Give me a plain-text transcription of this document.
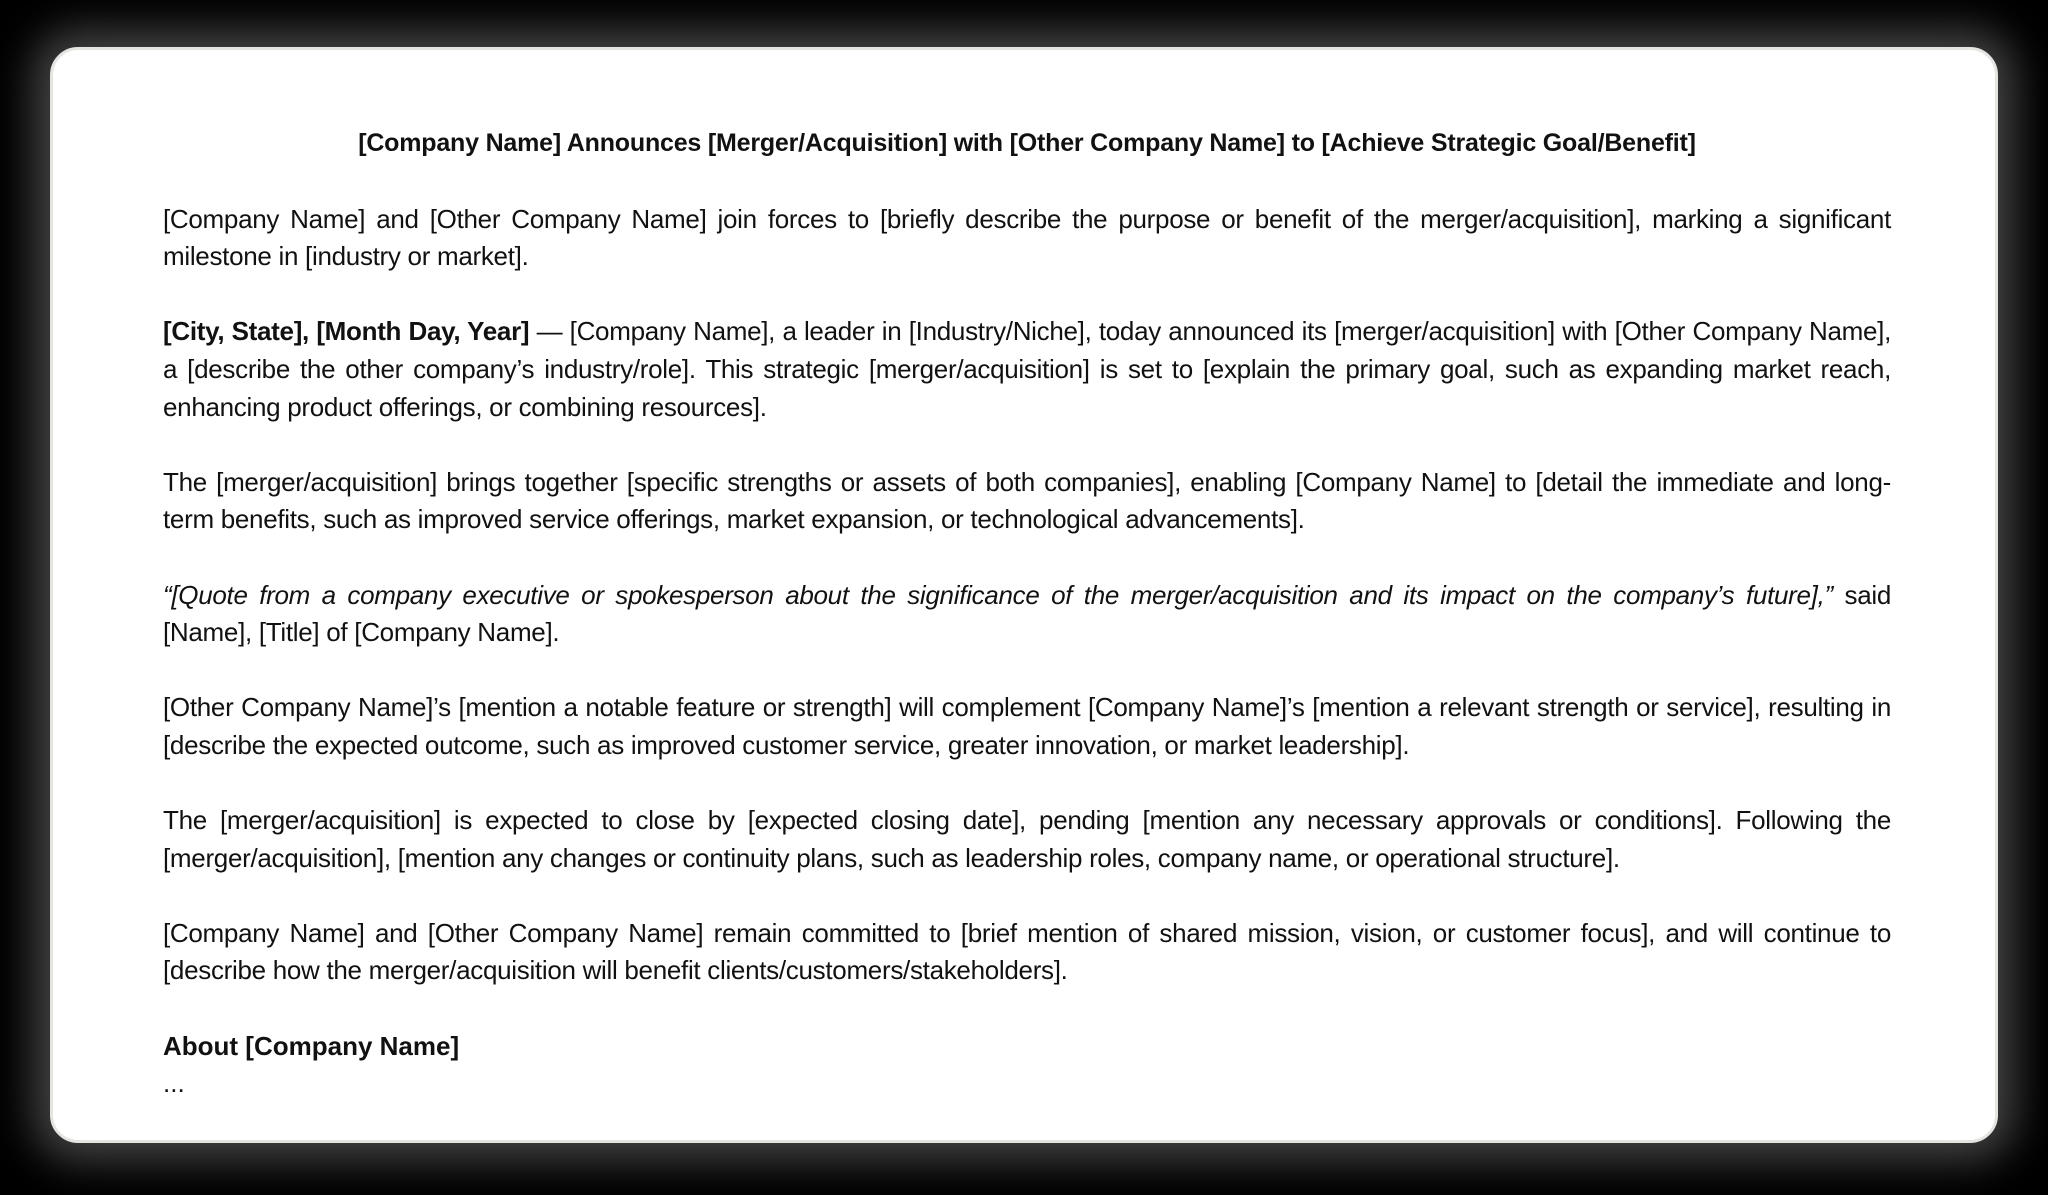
[Company Name] Announces [Merger/Acquisition] with [Other Company Name] to [Achieve Strategic Goal/Benefit]

[Company Name] and [Other Company Name] join forces to [briefly describe the purpose or benefit of the merger/acquisition], marking a significant milestone in [industry or market].

[City, State], [Month Day, Year] — [Company Name], a leader in [Industry/Niche], today announced its [merger/acquisition] with [Other Company Name], a [describe the other company’s industry/role]. This strategic [merger/acquisition] is set to [explain the primary goal, such as expanding market reach, enhancing product offerings, or combining resources].

The [merger/acquisition] brings together [specific strengths or assets of both companies], enabling [Company Name] to [detail the immediate and long-term benefits, such as improved service offerings, market expansion, or technological advancements].

“[Quote from a company executive or spokesperson about the significance of the merger/acquisition and its impact on the company’s future],” said [Name], [Title] of [Company Name].

[Other Company Name]’s [mention a notable feature or strength] will complement [Company Name]’s [mention a relevant strength or service], resulting in [describe the expected outcome, such as improved customer service, greater innovation, or market leadership].

The [merger/acquisition] is expected to close by [expected closing date], pending [mention any necessary approvals or conditions]. Following the [merger/acquisition], [mention any changes or continuity plans, such as leadership roles, company name, or operational structure].

[Company Name] and [Other Company Name] remain committed to [brief mention of shared mission, vision, or customer focus], and will continue to [describe how the merger/acquisition will benefit clients/customers/stakeholders].

About [Company Name]

...
